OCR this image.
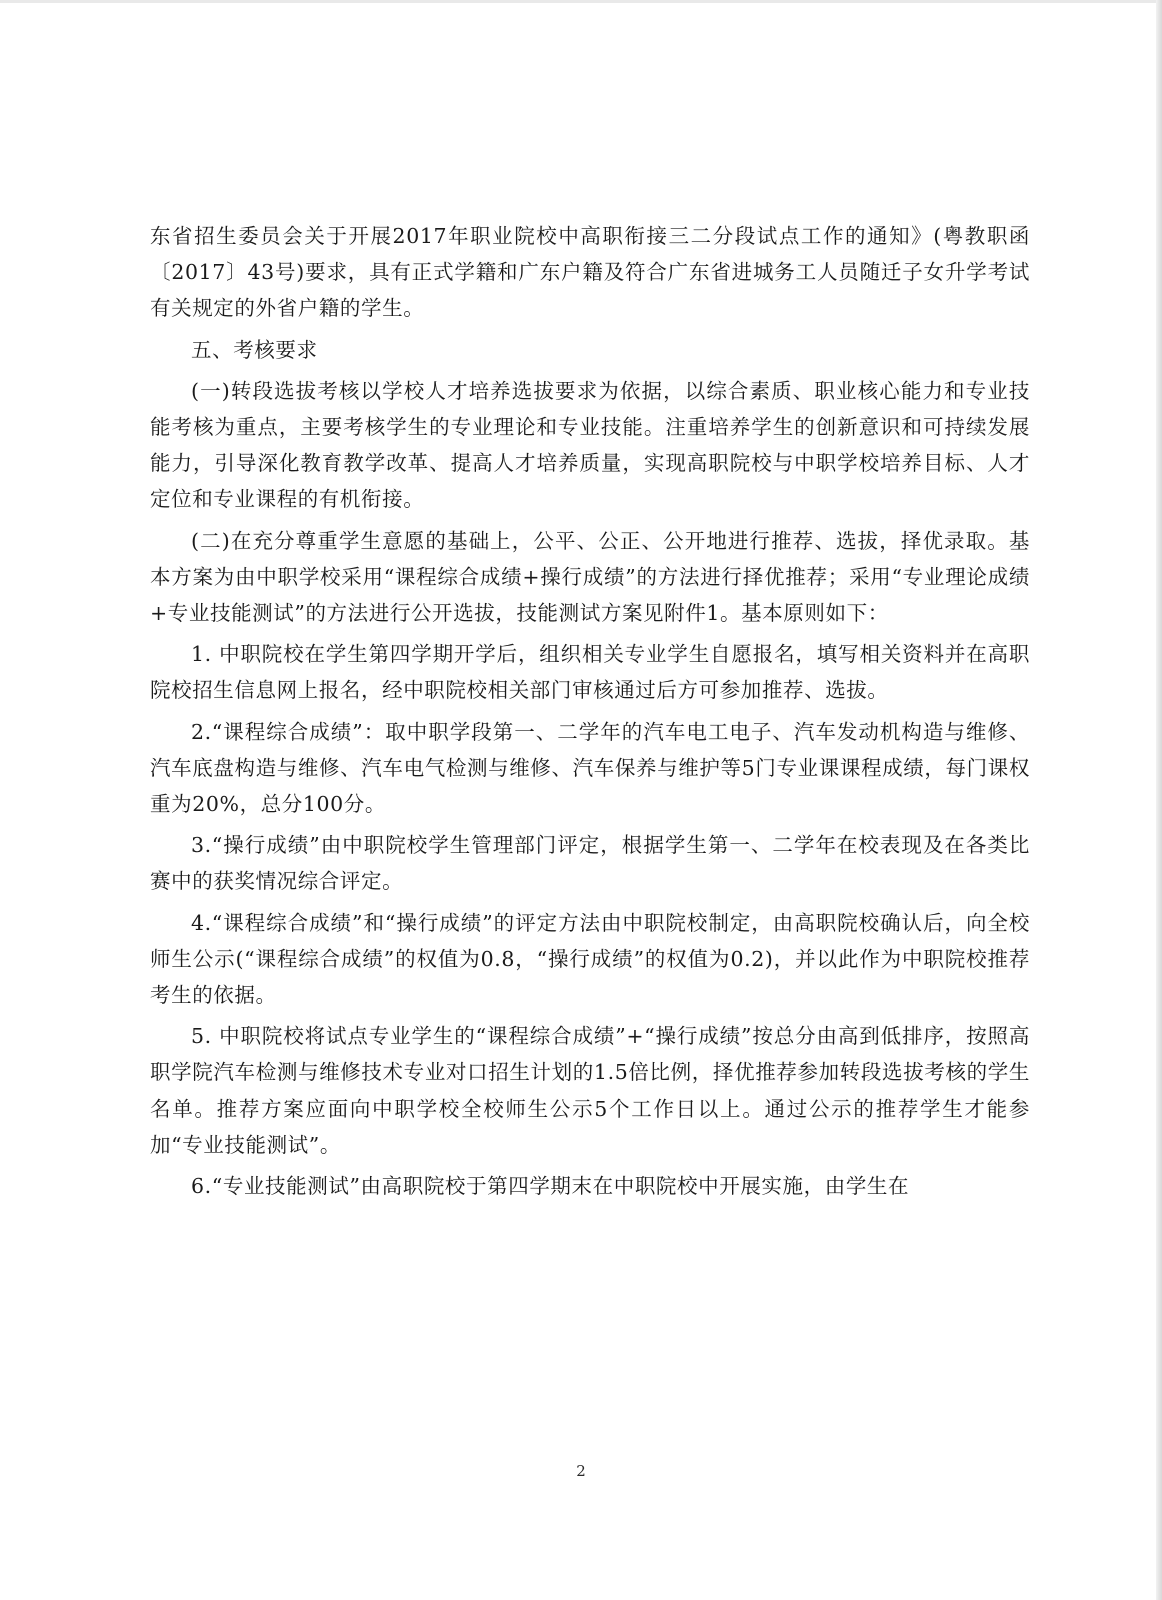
东省招生委员会关于开展2017年职业院校中高职衔接三二分段试点工作的通知》(粤教职函〔2017〕43号)要求，具有正式学籍和广东户籍及符合广东省进城务工人员随迁子女升学考试有关规定的外省户籍的学生。

五、考核要求

(一)转段选拔考核以学校人才培养选拔要求为依据，以综合素质、职业核心能力和专业技能考核为重点，主要考核学生的专业理论和专业技能。注重培养学生的创新意识和可持续发展能力，引导深化教育教学改革、提高人才培养质量，实现高职院校与中职学校培养目标、人才定位和专业课程的有机衔接。

(二)在充分尊重学生意愿的基础上，公平、公正、公开地进行推荐、选拔，择优录取。基本方案为由中职学校采用“课程综合成绩+操行成绩”的方法进行择优推荐；采用“专业理论成绩+专业技能测试”的方法进行公开选拔，技能测试方案见附件1。基本原则如下：

1. 中职院校在学生第四学期开学后，组织相关专业学生自愿报名，填写相关资料并在高职院校招生信息网上报名，经中职院校相关部门审核通过后方可参加推荐、选拔。

2.“课程综合成绩”：取中职学段第一、二学年的汽车电工电子、汽车发动机构造与维修、汽车底盘构造与维修、汽车电气检测与维修、汽车保养与维护等5门专业课课程成绩，每门课权重为20%，总分100分。

3.“操行成绩”由中职院校学生管理部门评定，根据学生第一、二学年在校表现及在各类比赛中的获奖情况综合评定。

4.“课程综合成绩”和“操行成绩”的评定方法由中职院校制定，由高职院校确认后，向全校师生公示(“课程综合成绩”的权值为0.8，“操行成绩”的权值为0.2)，并以此作为中职院校推荐考生的依据。

5. 中职院校将试点专业学生的“课程综合成绩”+“操行成绩”按总分由高到低排序，按照高职学院汽车检测与维修技术专业对口招生计划的1.5倍比例，择优推荐参加转段选拔考核的学生名单。推荐方案应面向中职学校全校师生公示5个工作日以上。通过公示的推荐学生才能参加“专业技能测试”。

6.“专业技能测试”由高职院校于第四学期末在中职院校中开展实施，由学生在

2
